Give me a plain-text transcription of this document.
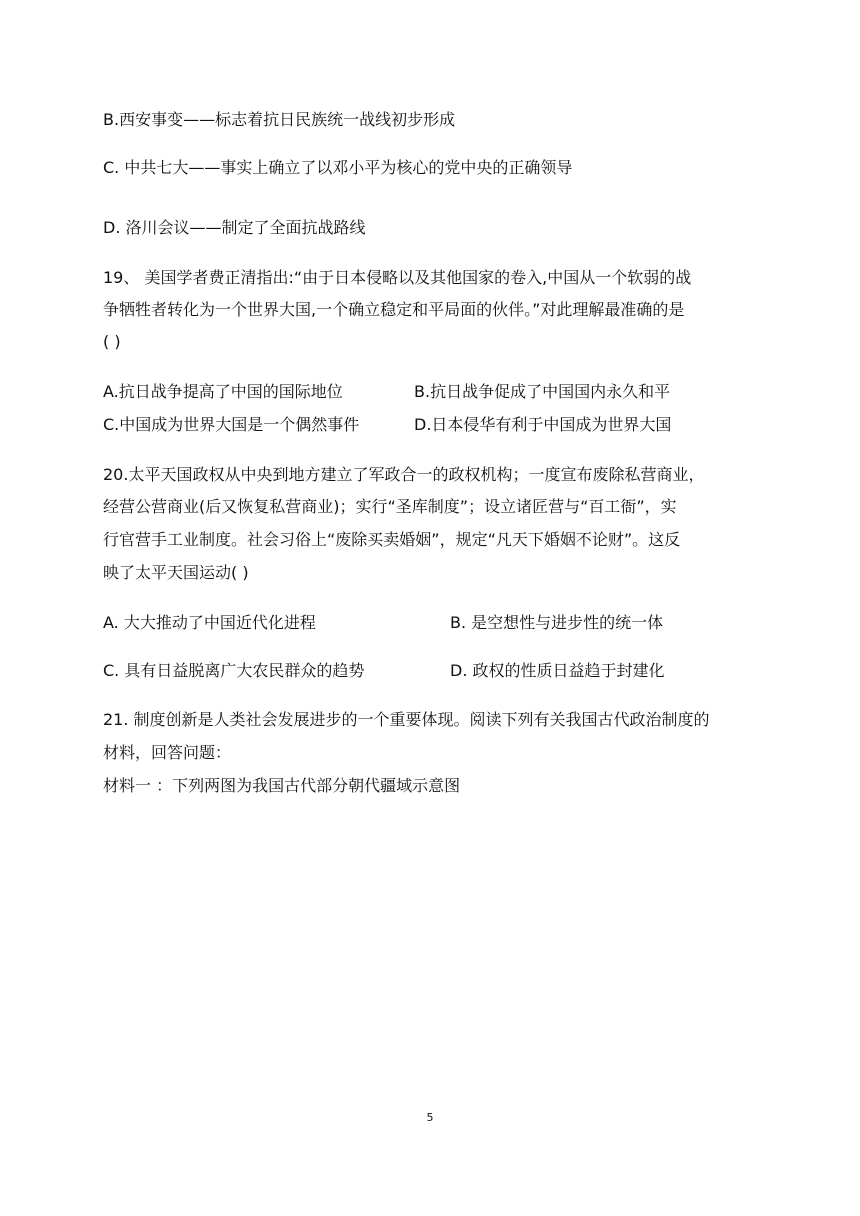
B.西安事变——标志着抗日民族统一战线初步形成
C. 中共七大——事实上确立了以邓小平为核心的党中央的正确领导
D. 洛川会议——制定了全面抗战路线
19、 美国学者费正清指出:“由于日本侵略以及其他国家的卷入,中国从一个软弱的战
争牺牲者转化为一个世界大国,一个确立稳定和平局面的伙伴。”对此理解最准确的是
( )
A.抗日战争提高了中国的国际地位	B.抗日战争促成了中国国内永久和平
C.中国成为世界大国是一个偶然事件	D.日本侵华有利于中国成为世界大国
20.太平天国政权从中央到地方建立了军政合一的政权机构；一度宣布废除私营商业，
经营公营商业(后又恢复私营商业)；实行“圣库制度”；设立诸匠营与“百工衙”，实
行官营手工业制度。社会习俗上“废除买卖婚姻”，规定“凡天下婚姻不论财”。这反
映了太平天国运动( )
A. 大大推动了中国近代化进程	B. 是空想性与进步性的统一体
C. 具有日益脱离广大农民群众的趋势	D. 政权的性质日益趋于封建化
21. 制度创新是人类社会发展进步的一个重要体现。阅读下列有关我国古代政治制度的
材料，回答问题：
材料一 ：下列两图为我国古代部分朝代疆域示意图
5
